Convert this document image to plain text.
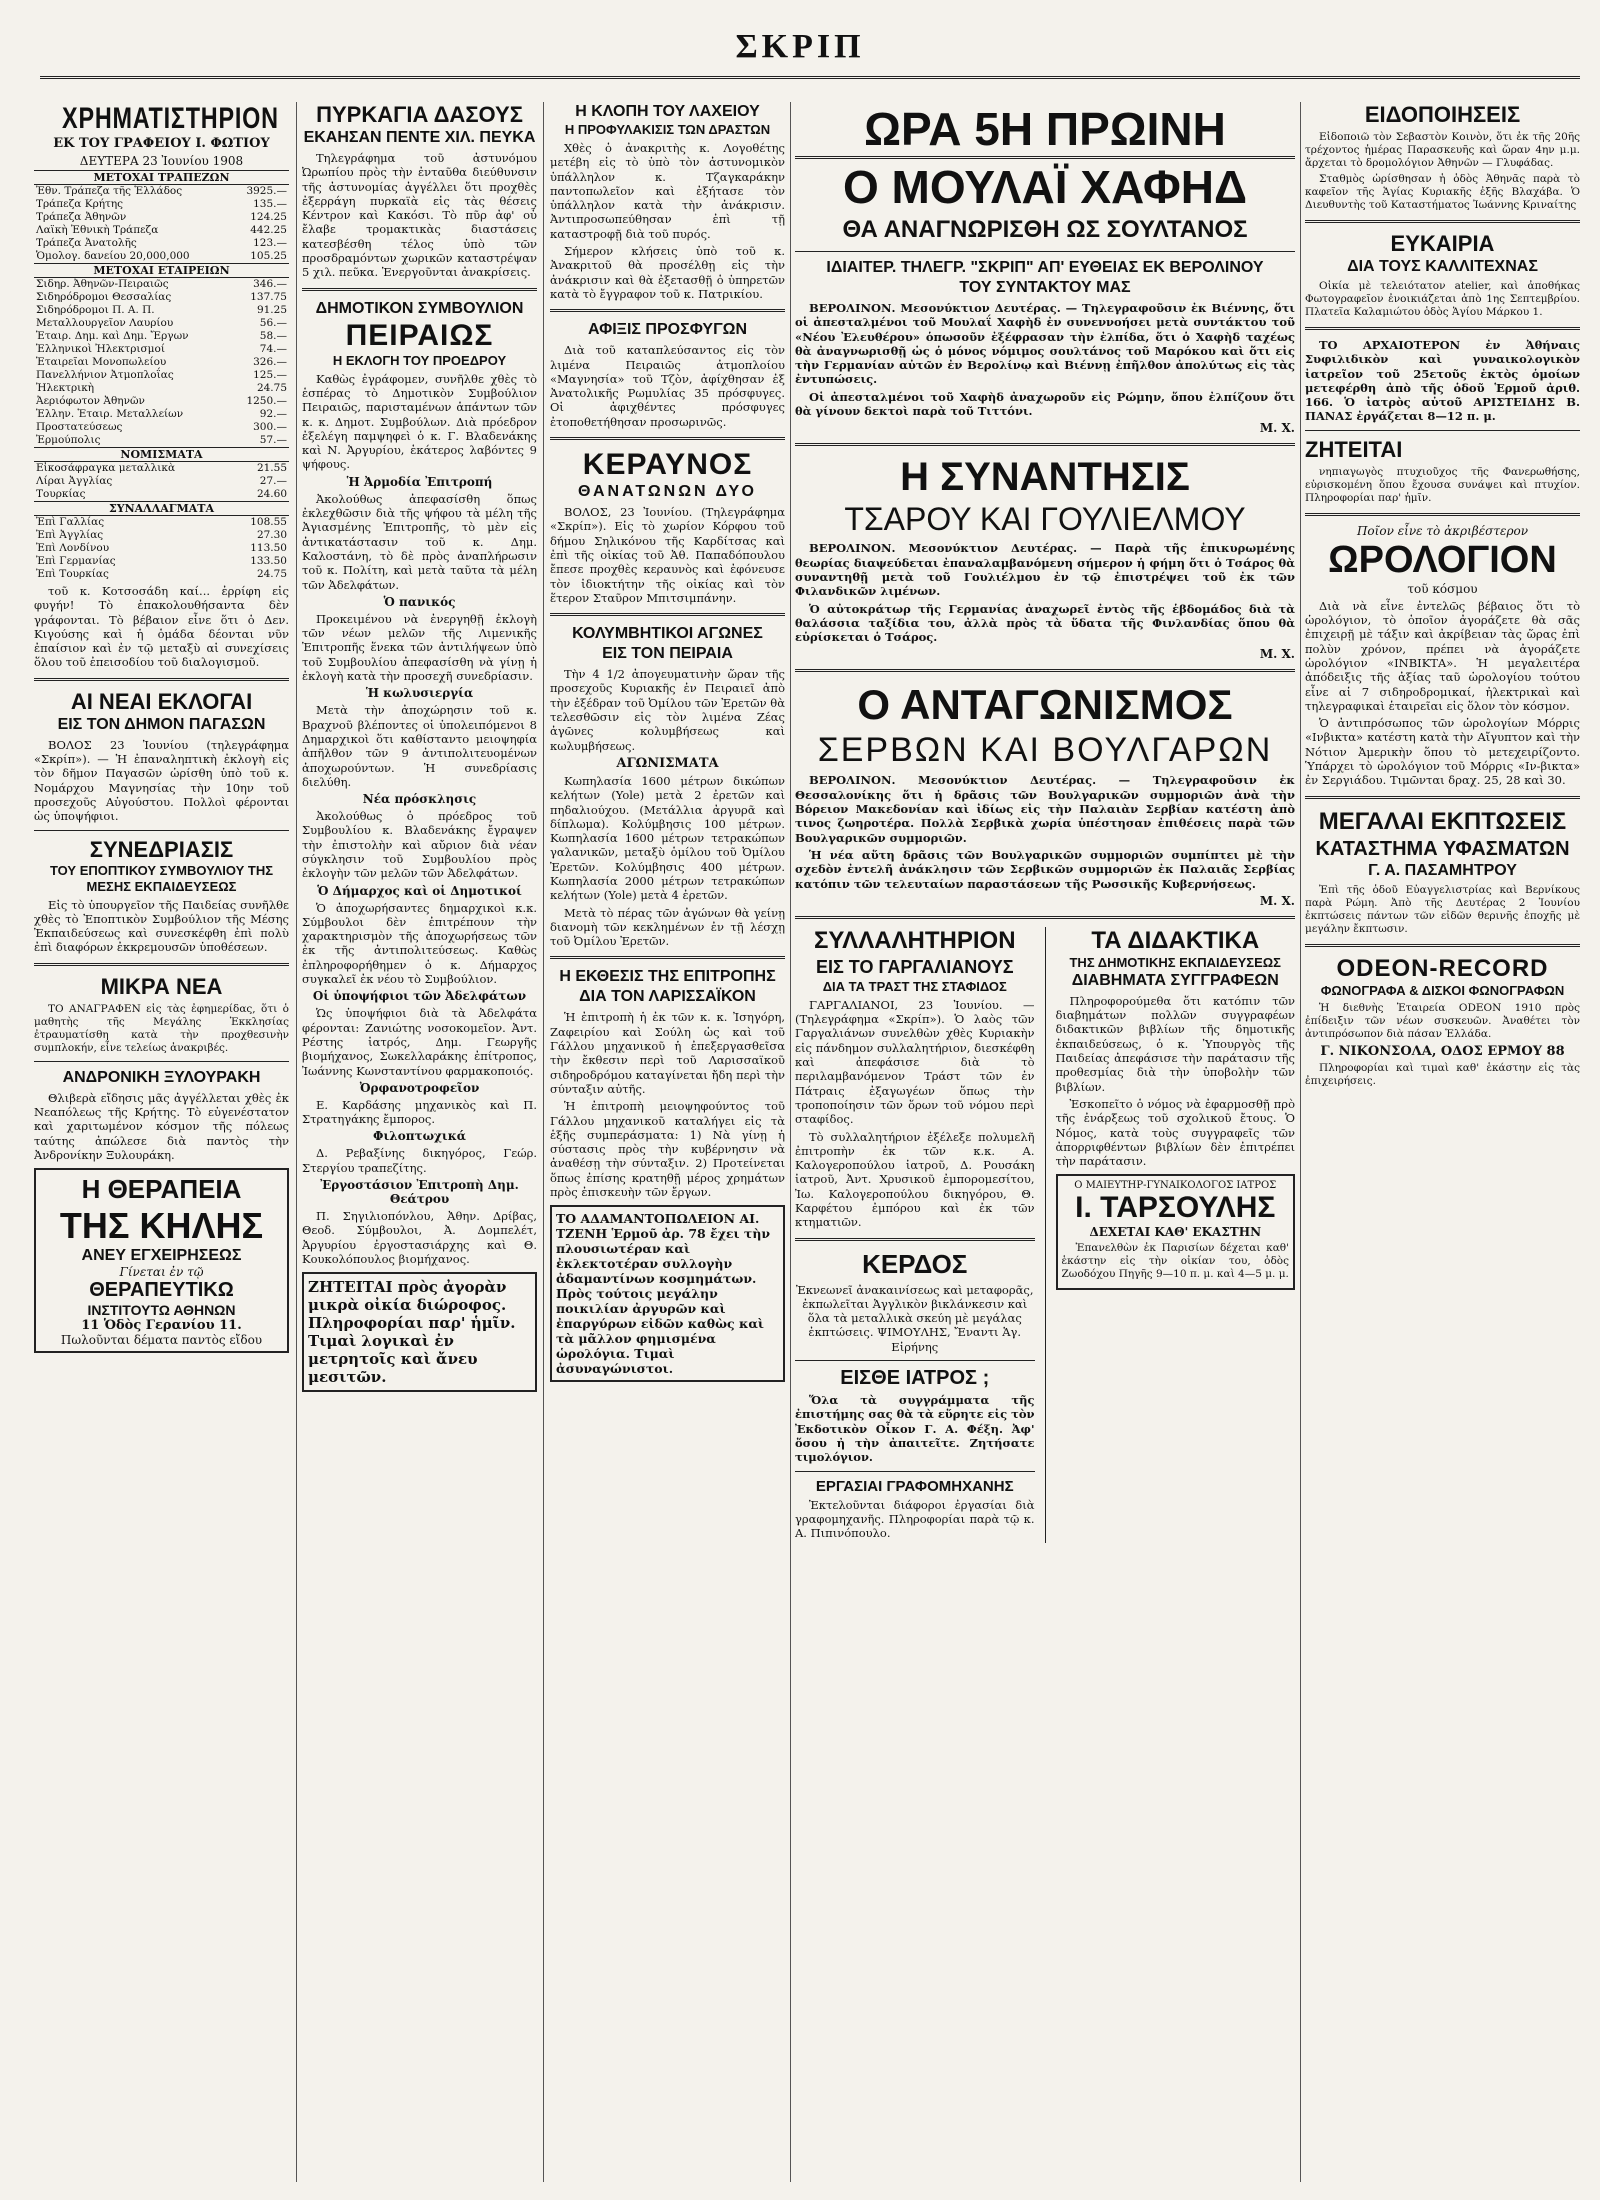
ΣΚΡΙΠ
ΧΡΗΜΑΤΙΣΤΗΡΙΟΝ
ΕΚ ΤΟΥ ΓΡΑΦΕΙΟΥ Ι. ΦΩΤΙΟΥ
ΔΕΥΤΕΡΑ 23 Ἰουνίου 1908
ΜΕΤΟΧΑΙ ΤΡΑΠΕΖΩΝ	
Ἐθν. Τράπεζα τῆς Ἑλλάδος	3925.—
Τράπεζα Κρήτης	135.—
Τράπεζα Ἀθηνῶν	124.25
Λαϊκὴ Ἐθνικὴ Τράπεζα	442.25
Τράπεζα Ἀνατολῆς	123.—
Ὁμολογ. δανείου 20,000,000	105.25
ΜΕΤΟΧΑΙ ΕΤΑΙΡΕΙΩΝ	
Σιδηρ. Ἀθηνῶν-Πειραιῶς	346.—
Σιδηρόδρομοι Θεσσαλίας	137.75
Σιδηρόδρομοι Π. Α. Π.	91.25
Μεταλλουργεῖον Λαυρίου	56.—
Ἑταιρ. Δημ. καὶ Δημ. Ἔργων	58.—
Ἑλληνικοὶ Ἠλεκτρισμοί	74.—
Ἑταιρεῖαι Μονοπωλείου	326.—
Πανελλήνιον Ἀτμοπλοΐας	125.—
Ἠλεκτρικὴ	24.75
Ἀεριόφωτον Ἀθηνῶν	1250.—
Ἑλλην. Ἑταιρ. Μεταλλείων	92.—
Προστατεύσεως	300.—
Ἐρμούπολις	57.—
ΝΟΜΙΣΜΑΤΑ	
Εἰκοσάφραγκα μεταλλικὰ	21.55
Λίραι Ἀγγλίας	27.—
Τουρκίας	24.60
ΣΥΝΑΛΛΑΓΜΑΤΑ	
Ἐπὶ Γαλλίας	108.55
Ἐπὶ Ἀγγλίας	27.30
Ἐπὶ Λονδίνου	113.50
Ἐπὶ Γερμανίας	133.50
Ἐπὶ Τουρκίας	24.75

τοῦ κ. Κοτσοσάδη καί... ἐρρίφη εἰς φυγήν! Τὸ ἐπακολουθήσαντα δὲν γράφονται. Τὸ βέβαιον εἶνε ὅτι ὁ Δεν. Κιγούσης καὶ ἡ ὁμάδα δέονται νῦν ἐπαίσιον καὶ ἐν τῷ μεταξὺ αἱ συνεχίσεις ὅλου τοῦ ἐπεισοδίου τοῦ διαλογισμοῦ.

ΑΙ ΝΕΑΙ ΕΚΛΟΓΑΙ
ΕΙΣ ΤΟΝ ΔΗΜΟΝ ΠΑΓΑΣΩΝ

ΒΟΛΟΣ 23 Ἰουνίου (τηλεγράφημα «Σκρίπ»). — Ἡ ἐπαναληπτικὴ ἐκλογὴ εἰς τὸν δῆμον Παγασῶν ὡρίσθη ὑπὸ τοῦ κ. Νομάρχου Μαγνησίας τὴν 10ην τοῦ προσεχοῦς Αὐγούστου. Πολλοὶ φέρονται ὡς ὑποψήφιοι.

ΣΥΝΕΔΡΙΑΣΙΣ
ΤΟΥ ΕΠΟΠΤΙΚΟΥ ΣΥΜΒΟΥΛΙΟΥ ΤΗΣ ΜΕΣΗΣ ΕΚΠΑΙΔΕΥΣΕΩΣ

Εἰς τὸ ὑπουργεῖον τῆς Παιδείας συνῆλθε χθὲς τὸ Ἐποπτικὸν Συμβούλιον τῆς Μέσης Ἐκπαιδεύσεως καὶ συνεσκέφθη ἐπὶ πολὺ ἐπὶ διαφόρων ἐκκρεμουσῶν ὑποθέσεων.

ΜΙΚΡΑ ΝΕΑ

ΤΟ ΑΝΑΓΡΑΦΕΝ εἰς τὰς ἐφημερίδας, ὅτι ὁ μαθητὴς τῆς Μεγάλης Ἐκκλησίας ἐτραυματίσθη κατὰ τὴν προχθεσινὴν συμπλοκήν, εἶνε τελείως ἀνακριβές.

ΑΝΔΡΟΝΙΚΗ ΞΥΛΟΥΡΑΚΗ

Θλιβερὰ εἴδησις μᾶς ἀγγέλλεται χθὲς ἐκ Νεαπόλεως τῆς Κρήτης. Τὸ εὐγενέστατον καὶ χαριτωμένον κόσμον τῆς πόλεως ταύτης ἀπώλεσε διὰ παντὸς τὴν Ἀνδρονίκην Ξυλουράκη.

Η ΘΕΡΑΠΕΙΑ
ΤΗΣ ΚΗΛΗΣ
ΑΝΕΥ ΕΓΧΕΙΡΗΣΕΩΣ
Γίνεται ἐν τῷ
ΘΕΡΑΠΕΥΤΙΚΩ
ΙΝΣΤΙΤΟΥΤΩ ΑΘΗΝΩΝ
11 Ὁδὸς Γερανίου 11.
Πωλοῦνται δέματα παντὸς εἴδου
ΠΥΡΚΑΓΙΑ ΔΑΣΟΥΣ
ΕΚΑΗΣΑΝ ΠΕΝΤΕ ΧΙΛ. ΠΕΥΚΑ

Τηλεγράφημα τοῦ ἀστυνόμου Ὠρωπίου πρὸς τὴν ἐνταῦθα διεύθυνσιν τῆς ἀστυνομίας ἀγγέλλει ὅτι προχθὲς ἐξερράγη πυρκαϊὰ εἰς τὰς θέσεις Κέντρον καὶ Κακόσι. Τὸ πῦρ ἀφ' οὗ ἔλαβε τρομακτικὰς διαστάσεις κατεσβέσθη τέλος ὑπὸ τῶν προσδραμόντων χωρικῶν καταστρέψαν 5 χιλ. πεῦκα. Ἐνεργοῦνται ἀνακρίσεις.

ΔΗΜΟΤΙΚΟΝ ΣΥΜΒΟΥΛΙΟΝ
ΠΕΙΡΑΙΩΣ
Η ΕΚΛΟΓΗ ΤΟΥ ΠΡΟΕΔΡΟΥ

Καθὼς ἐγράφομεν, συνῆλθε χθὲς τὸ ἑσπέρας τὸ Δημοτικὸν Συμβούλιον Πειραιῶς, παρισταμένων ἁπάντων τῶν κ. κ. Δημοτ. Συμβούλων. Διὰ πρόεδρον ἐξελέγη παμψηφεὶ ὁ κ. Γ. Βλαδενάκης καὶ Ν. Ἀργυρίου, ἑκάτερος λαβόντες 9 ψήφους.

Ἡ Ἀρμοδία Ἐπιτροπή

Ἀκολούθως ἀπεφασίσθη ὅπως ἐκλεχθῶσιν διὰ τῆς ψήφου τὰ μέλη τῆς Ἀγιασμένης Ἐπιτροπῆς, τὸ μὲν εἰς ἀντικατάστασιν τοῦ κ. Δημ. Καλοστάνη, τὸ δὲ πρὸς ἀναπλήρωσιν τοῦ κ. Πολίτη, καὶ μετὰ ταῦτα τὰ μέλη τῶν Ἀδελφάτων.

Ὁ πανικός

Προκειμένου νὰ ἐνεργηθῇ ἐκλογὴ τῶν νέων μελῶν τῆς Λιμενικῆς Ἐπιτροπῆς ἕνεκα τῶν ἀντιλήψεων ὑπὸ τοῦ Συμβουλίου ἀπεφασίσθη νὰ γίνῃ ἡ ἐκλογὴ κατὰ τὴν προσεχῆ συνεδρίασιν.

Ἡ κωλυσιεργία

Μετὰ τὴν ἀποχώρησιν τοῦ κ. Βραχνοῦ βλέποντες οἱ ὑπολειπόμενοι 8 Δημαρχικοὶ ὅτι καθίσταντο μειοψηφία ἀπῆλθον τῶν 9 ἀντιπολιτευομένων ἀποχωρούντων. Ἡ συνεδρίασις διελύθη.

Νέα πρόσκλησις

Ἀκολούθως ὁ πρόεδρος τοῦ Συμβουλίου κ. Βλαδενάκης ἔγραψεν τὴν ἐπιστολὴν καὶ αὔριον διὰ νέαν σύγκλησιν τοῦ Συμβουλίου πρὸς ἐκλογὴν τῶν μελῶν τῶν Ἀδελφάτων.

Ὁ Δήμαρχος καὶ οἱ Δημοτικοί

Ὁ ἀποχωρήσαντες δημαρχικοὶ κ.κ. Σύμβουλοι δὲν ἐπιτρέπουν τὴν χαρακτηρισμὸν τῆς ἀποχωρήσεως τῶν ἐκ τῆς ἀντιπολιτεύσεως. Καθὼς ἐπληροφορήθημεν ὁ κ. Δήμαρχος συγκαλεῖ ἐκ νέου τὸ Συμβούλιον.

Οἱ ὑποψήφιοι τῶν Ἀδελφάτων

Ὡς ὑποψήφιοι διὰ τὰ Ἀδελφάτα φέρονται: Ζανιώτης νοσοκομεῖον. Ἀντ. Ρέστης ἰατρός, Δημ. Γεωργῆς βιομήχανος, Σωκελλαράκης ἐπίτροπος, Ἰωάννης Κωνσταντίνου φαρμακοποιός.

Ὀρφανοτροφεῖον

Ε. Καρδάσης μηχανικὸς καὶ Π. Στρατηγάκης ἔμπορος.

Φιλοπτωχικά

Δ. Ρεβαξίνης δικηγόρος, Γεώρ. Στεργίου τραπεζίτης.

Ἐργοστάσιον Ἐπιτροπὴ Δημ. Θεάτρου

Π. Σηγιλιοπόνλου, Ἀθην. Δρίβας, Θεοδ. Σύμβουλοι, Ἀ. Δομπελέτ, Ἀργυρίου ἐργοστασιάρχης καὶ Θ. Κουκολόπουλος βιομήχανος.

ΖΗΤΕΙΤΑΙ πρὸς ἀγορὰν μικρὰ οἰκία διώροφος. Πληροφορίαι παρ' ἡμῖν. Τιμαὶ λογικαὶ ἐν μετρητοῖς καὶ ἄνευ μεσιτῶν.
Η ΚΛΟΠΗ ΤΟΥ ΛΑΧΕΙΟΥ
Η ΠΡΟΦΥΛΑΚΙΣΙΣ ΤΩΝ ΔΡΑΣΤΩΝ

Χθὲς ὁ ἀνακριτὴς κ. Λογοθέτης μετέβη εἰς τὸ ὑπὸ τὸν ἀστυνομικὸν ὑπάλληλον κ. Τζαγκαράκην παντοπωλεῖον καὶ ἐξήτασε τὸν ὑπάλληλον κατὰ τὴν ἀνάκρισιν. Ἀντιπροσωπεύθησαν ἐπὶ τῇ καταστροφῇ διὰ τοῦ πυρός.

Σήμερον κλήσεις ὑπὸ τοῦ κ. Ἀνακριτοῦ θὰ προσέλθῃ εἰς τὴν ἀνάκρισιν καὶ θὰ ἐξετασθῇ ὁ ὑπηρετῶν κατὰ τὸ ἔγγραφον τοῦ κ. Πατρικίου.

ΑΦΙΞΙΣ ΠΡΟΣΦΥΓΩΝ

Διὰ τοῦ καταπλεύσαντος εἰς τὸν λιμένα Πειραιῶς ἀτμοπλοίου «Μαγνησία» τοῦ Τζὸν, ἀφίχθησαν ἐξ Ἀνατολικῆς Ρωμυλίας 35 πρόσφυγες. Οἱ ἀφιχθέντες πρόσφυγες ἐτοποθετήθησαν προσωρινῶς.

ΚΕΡΑΥΝΟΣ
ΘΑΝΑΤΩΝΩΝ ΔΥΟ

ΒΟΛΟΣ, 23 Ἰουνίου. (Τηλεγράφημα «Σκρίπ»). Εἰς τὸ χωρίον Κόρφου τοῦ δήμου Σηλικόνου τῆς Καρδίτσας καὶ ἐπὶ τῆς οἰκίας τοῦ Ἀθ. Παπαδόπουλου ἔπεσε προχθὲς κεραυνὸς καὶ ἐφόνευσε τὸν ἰδιοκτήτην τῆς οἰκίας καὶ τὸν ἕτερον Σταῦρον Μπιτσιμπάνην.

ΚΟΛΥΜΒΗΤΙΚΟΙ ΑΓΩΝΕΣ
ΕΙΣ ΤΟΝ ΠΕΙΡΑΙΑ

Τὴν 4 1/2 ἀπογευματινὴν ὥραν τῆς προσεχοῦς Κυριακῆς ἐν Πειραιεῖ ἀπὸ τὴν ἐξέδραν τοῦ Ὀμίλου τῶν Ἐρετῶν θὰ τελεσθῶσιν εἰς τὸν λιμένα Ζέας ἀγῶνες κολυμβήσεως καὶ κωλυμβήσεως.

ΑΓΩΝΙΣΜΑΤΑ

Κωπηλασία 1600 μέτρων δικώπων κελήτων (Yole) μετὰ 2 ἐρετῶν καὶ πηδαλιούχου. (Μετάλλια ἀργυρᾶ καὶ δίπλωμα). Κολύμβησις 100 μέτρων. Κωπηλασία 1600 μέτρων τετρακώπων γαλανικῶν, μεταξὺ ὁμίλου τοῦ Ὀμίλου Ἐρετῶν. Κολύμβησις 400 μέτρων. Κωπηλασία 2000 μέτρων τετρακώπων κελήτων (Yole) μετὰ 4 ἐρετῶν.

Μετὰ τὸ πέρας τῶν ἀγώνων θὰ γείνῃ διανομὴ τῶν κεκλημένων ἐν τῇ λέσχῃ τοῦ Ὀμίλου Ἐρετῶν.

Η ΕΚΘΕΣΙΣ ΤΗΣ ΕΠΙΤΡΟΠΗΣ
ΔΙΑ ΤΟΝ ΛΑΡΙΣΣΑΪΚΟΝ

Ἡ ἐπιτροπὴ ἡ ἐκ τῶν κ. κ. Ἰσηγόρη, Ζαφειρίου καὶ Σούλη ὡς καὶ τοῦ Γάλλου μηχανικοῦ ἡ ἐπεξεργασθεῖσα τὴν ἔκθεσιν περὶ τοῦ Λαρισσαϊκοῦ σιδηροδρόμου καταγίνεται ἤδη περὶ τὴν σύνταξιν αὐτῆς.

Ἡ ἐπιτροπὴ μειοψηφούντος τοῦ Γάλλου μηχανικοῦ καταλήγει εἰς τὰ ἑξῆς συμπεράσματα: 1) Νὰ γίνῃ ἡ σύστασις πρὸς τὴν κυβέρνησιν νὰ ἀναθέσῃ τὴν σύνταξιν. 2) Προτείνεται ὅπως ἐπίσης κρατηθῇ μέρος χρημάτων πρὸς ἐπισκευὴν τῶν ἔργων.

ΤΟ ΑΔΑΜΑΝΤΟΠΩΛΕΙΟΝ ΑΙ. ΤΖΕΝΗ Ἑρμοῦ ἀρ. 78 ἔχει τὴν πλουσιωτέραν καὶ ἐκλεκτοτέραν συλλογὴν ἀδαμαντίνων κοσμημάτων. Πρὸς τούτοις μεγάλην ποικιλίαν ἀργυρῶν καὶ ἐπαργύρων εἰδῶν καθὼς καὶ τὰ μᾶλλον φημισμένα ὡρολόγια. Τιμαὶ ἀσυναγώνιστοι.
ΩΡΑ 5Η ΠΡΩΙΝΗ
Ο ΜΟΥΛΑΪ ΧΑΦΗΔ
ΘΑ ΑΝΑΓΝΩΡΙΣΘΗ ΩΣ ΣΟΥΛΤΑΝΟΣ
ΙΔΙΑΙΤΕΡ. ΤΗΛΕΓΡ. "ΣΚΡΙΠ" ΑΠ' ΕΥΘΕΙΑΣ ΕΚ ΒΕΡΟΛΙΝΟΥ
ΤΟΥ ΣΥΝΤΑΚΤΟΥ ΜΑΣ

ΒΕΡΟΛΙΝΟΝ. Μεσονύκτιον Δευτέρας. — Τηλεγραφοῦσιν ἐκ Βιέννης, ὅτι οἱ ἀπεσταλμένοι τοῦ Μουλαΐ Χαφὴδ ἐν συνεννοήσει μετὰ συντάκτου τοῦ «Νέου Ἐλευθέρου» ὁπωσοῦν ἐξέφρασαν τὴν ἐλπίδα, ὅτι ὁ Χαφὴδ ταχέως θὰ ἀναγνωρισθῇ ὡς ὁ μόνος νόμιμος σουλτάνος τοῦ Μαρόκου καὶ ὅτι εἰς τὴν Γερμανίαν αὐτῶν ἐν Βερολίνῳ καὶ Βιέννῃ ἐπῆλθον ἀπολύτως εἰς τὰς ἐντυπώσεις.

Οἱ ἀπεσταλμένοι τοῦ Χαφὴδ ἀναχωροῦν εἰς Ρώμην, ὅπου ἐλπίζουν ὅτι θὰ γίνουν δεκτοὶ παρὰ τοῦ Τιττόνι.

Μ. Χ.
Η ΣΥΝΑΝΤΗΣΙΣ
ΤΣΑΡΟΥ ΚΑΙ ΓΟΥΛΙΕΛΜΟΥ

ΒΕΡΟΛΙΝΟΝ. Μεσονύκτιον Δευτέρας. — Παρὰ τῆς ἐπικυρωμένης θεωρίας διαψεύδεται ἐπαναλαμβανόμενη σήμερον ἡ φήμη ὅτι ὁ Τσάρος θὰ συναντηθῇ μετὰ τοῦ Γουλιέλμου ἐν τῷ ἐπιστρέψει τοῦ ἐκ τῶν Φιλανδικῶν λιμένων.

Ὁ αὐτοκράτωρ τῆς Γερμανίας ἀναχωρεῖ ἐντὸς τῆς ἑβδομάδος διὰ τὰ θαλάσσια ταξίδια του, ἀλλὰ πρὸς τὰ ὕδατα τῆς Φινλανδίας ὅπου θὰ εὑρίσκεται ὁ Τσάρος.

Μ. Χ.
Ο ΑΝΤΑΓΩΝΙΣΜΟΣ
ΣΕΡΒΩΝ ΚΑΙ ΒΟΥΛΓΑΡΩΝ

ΒΕΡΟΛΙΝΟΝ. Μεσονύκτιον Δευτέρας. — Τηλεγραφοῦσιν ἐκ Θεσσαλονίκης ὅτι ἡ δρᾶσις τῶν Βουλγαρικῶν συμμοριῶν ἀνὰ τὴν Βόρειον Μακεδονίαν καὶ ἰδίως εἰς τὴν Παλαιὰν Σερβίαν κατέστη ἀπὸ τινος ζωηροτέρα. Πολλὰ Σερβικὰ χωρία ὑπέστησαν ἐπιθέσεις παρὰ τῶν Βουλγαρικῶν συμμοριῶν.

Ἡ νέα αὕτη δρᾶσις τῶν Βουλγαρικῶν συμμοριῶν συμπίπτει μὲ τὴν σχεδὸν ἐντελῆ ἀνάκλησιν τῶν Σερβικῶν συμμοριῶν ἐκ Παλαιᾶς Σερβίας κατόπιν τῶν τελευταίων παραστάσεων τῆς Ρωσσικῆς Κυβερνήσεως.

Μ. Χ.
ΣΥΛΛΑΛΗΤΗΡΙΟΝ
ΕΙΣ ΤΟ ΓΑΡΓΑΛΙΑΝΟΥΣ
ΔΙΑ ΤΑ ΤΡΑΣΤ ΤΗΣ ΣΤΑΦΙΔΟΣ

ΓΑΡΓΑΛΙΑΝΟΙ, 23 Ἰουνίου. — (Τηλεγράφημα «Σκρίπ»). Ὁ λαὸς τῶν Γαργαλιάνων συνελθὼν χθὲς Κυριακὴν εἰς πάνδημον συλλαλητήριον, διεσκέφθη καὶ ἀπεφάσισε διὰ τὸ περιλαμβανόμενον Τράστ τῶν ἐν Πάτραις ἐξαγωγέων ὅπως τὴν τροποποίησιν τῶν ὅρων τοῦ νόμου περὶ σταφίδος.

Τὸ συλλαλητήριον ἐξέλεξε πολυμελῆ ἐπιτροπὴν ἐκ τῶν κ.κ. Α. Καλογεροπούλου ἰατροῦ, Δ. Ρουσάκη ἰατροῦ, Ἀντ. Χρυσικοῦ ἐμπορομεσίτου, Ἰω. Καλογεροπούλου δικηγόρου, Θ. Καρφέτου ἐμπόρου καὶ ἐκ τῶν κτηματιῶν.

ΚΕΡΔΟΣ

Ἐκνεωνεῖ ἀνακαινίσεως καὶ μεταφορᾶς, ἐκπωλεῖται Ἀγγλικὸν βικλάνκεσιν καὶ ὅλα τὰ μεταλλικὰ σκεύη μὲ μεγάλας ἐκπτώσεις. ΨΙΜΟΥΛΗΣ, Ἔναντι Ἁγ. Εἰρήνης

ΕΙΣΘΕ ΙΑΤΡΟΣ ;

Ὅλα τὰ συγγράμματα τῆς ἐπιστήμης σας θὰ τὰ εὕρητε εἰς τὸν Ἐκδοτικὸν Οἶκον Γ. Α. Φέξη. Ἀφ' ὅσου ἠ τὴν ἀπαιτεῖτε. Ζητήσατε τιμολόγιον.

ΕΡΓΑΣΙΑΙ ΓΡΑΦΟΜΗΧΑΝΗΣ

Ἐκτελοῦνται διάφοροι ἐργασίαι διὰ γραφομηχανῆς. Πληροφορίαι παρὰ τῷ κ. Α. Πιπινόπουλο.

ΤΑ ΔΙΔΑΚΤΙΚΑ
ΤΗΣ ΔΗΜΟΤΙΚΗΣ ΕΚΠΑΙΔΕΥΣΕΩΣ
ΔΙΑΒΗΜΑΤΑ ΣΥΓΓΡΑΦΕΩΝ

Πληροφορούμεθα ὅτι κατόπιν τῶν διαβημάτων πολλῶν συγγραφέων διδακτικῶν βιβλίων τῆς δημοτικῆς ἐκπαιδεύσεως, ὁ κ. Ὑπουργὸς τῆς Παιδείας ἀπεφάσισε τὴν παράτασιν τῆς προθεσμίας διὰ τὴν ὑποβολὴν τῶν βιβλίων.

Ἐσκοπεῖτο ὁ νόμος νὰ ἐφαρμοσθῇ πρὸ τῆς ἐνάρξεως τοῦ σχολικοῦ ἔτους. Ὁ Νόμος, κατὰ τοὺς συγγραφεῖς τῶν ἀπορριφθέντων βιβλίων δὲν ἐπιτρέπει τὴν παράτασιν.

Ο ΜΑΙΕΥΤΗΡ-ΓΥΝΑΙΚΟΛΟΓΟΣ ΙΑΤΡΟΣ
Ι. ΤΑΡΣΟΥΛΗΣ
ΔΕΧΕΤΑΙ ΚΑΘ' ΕΚΑΣΤΗΝ

Ἐπανελθὼν ἐκ Παρισίων δέχεται καθ' ἑκάστην εἰς τὴν οἰκίαν του, ὁδὸς Ζωοδόχου Πηγῆς 9—10 π. μ. καὶ 4—5 μ. μ.

ΕΙΔΟΠΟΙΗΣΕΙΣ

Εἰδοποιῶ τὸν Σεβαστὸν Κοινὸν, ὅτι ἐκ τῆς 20ῆς τρέχοντος ἡμέρας Παρασκευῆς καὶ ὥραν 4ην μ.μ. ἄρχεται τὸ δρομολόγιον Ἀθηνῶν — Γλυφάδας.

Σταθμὸς ὡρίσθησαν ἡ ὁδὸς Ἀθηνᾶς παρὰ τὸ καφεῖον τῆς Ἁγίας Κυριακῆς ἐξῆς Βλαχάβα. Ὁ Διευθυντὴς τοῦ Καταστήματος Ἰωάννης Κριναίτης

ΕΥΚΑΙΡΙΑ
ΔΙΑ ΤΟΥΣ ΚΑΛΛΙΤΕΧΝΑΣ

Οἰκία μὲ τελειότατον atelier, καὶ ἀποθήκας Φωτογραφεῖον ἐνοικιάζεται ἀπὸ 1ης Σεπτεμβρίου. Πλατεῖα Καλαμιώτου ὁδὸς Ἁγίου Μάρκου 1.

ΤΟ ΑΡΧΑΙΟΤΕΡΟΝ ἐν Ἀθήναις Συφιλιδικὸν καὶ γυναικολογικὸν ἰατρεῖον τοῦ 25ετοῦς ἐκτὸς ὁμοίων μετεφέρθη ἀπὸ τῆς ὁδοῦ Ἑρμοῦ ἀριθ. 166. Ὁ ἰατρὸς αὐτοῦ ΑΡΙΣΤΕΙΔΗΣ Β. ΠΑΝΑΣ ἐργάζεται 8—12 π. μ.

ΖΗΤΕΙΤΑΙ

νηπιαγωγὸς πτυχιοῦχος τῆς Φανερωθήσης, εὑρισκομένη ὅπου ἔχουσα συνάψει καὶ πτυχίον. Πληροφορίαι παρ' ἡμῖν.

Ποῖον εἶνε τὸ ἀκριβέστερον
ΩΡΟΛΟΓΙΟΝ
τοῦ κόσμου

Διὰ νὰ εἶνε ἐντελῶς βέβαιος ὅτι τὸ ὡρολόγιον, τὸ ὁποῖον ἀγοράζετε θὰ σᾶς ἐπιχειρῇ μὲ τάξιν καὶ ἀκρίβειαν τὰς ὥρας ἐπὶ πολὺν χρόνον, πρέπει νὰ ἀγοράζετε ὡρολόγιον «ΙΝΒΙΚΤΑ». Ἡ μεγαλειτέρα ἀπόδειξις τῆς ἀξίας ταῦ ὡρολογίου τούτου εἶνε αἱ 7 σιδηροδρομικαί, ἠλεκτρικαὶ καὶ τηλεγραφικαὶ ἑταιρεῖαι εἰς ὅλον τὸν κόσμον.

Ὁ ἀντιπρόσωπος τῶν ὡρολογίων Μόρρις «Ινβικτα» κατέστη κατὰ τὴν Αἴγυπτον καὶ τὴν Νότιον Ἀμερικὴν ὅπου τὸ μετεχειρίζοντο. Ὑπάρχει τὸ ὡρολόγιον τοῦ Μόρρις «Ιν-βικτα» ἐν Σεργιάδου. Τιμῶνται δραχ. 25, 28 καὶ 30.

ΜΕΓΑΛΑΙ ΕΚΠΤΩΣΕΙΣ
ΚΑΤΑΣΤΗΜΑ ΥΦΑΣΜΑΤΩΝ
Γ. Α. ΠΑΣΑΜΗΤΡΟΥ

Ἐπὶ τῆς ὁδοῦ Εὐαγγελιστρίας καὶ Βερνίκους παρὰ Ρώμη. Ἀπὸ τῆς Δευτέρας 2 Ἰουνίου ἐκπτώσεις πάντων τῶν εἰδῶν θερινῆς ἐποχῆς μὲ μεγάλην ἔκπτωσιν.

ODEON-RECORD
ΦΩΝΟΓΡΑΦΑ & ΔΙΣΚΟΙ ΦΩΝΟΓΡΑΦΩΝ

Ἡ διεθνὴς Ἑταιρεία ODEON 1910 πρὸς ἐπίδειξιν τῶν νέων συσκευῶν. Ἀναθέτει τὸν ἀντιπρόσωπον διὰ πάσαν Ἑλλάδα.

Γ. ΝΙΚΟΝΣΟΛΑ, ΟΔΟΣ ΕΡΜΟΥ 88

Πληροφορίαι καὶ τιμαὶ καθ' ἑκάστην εἰς τὰς ἐπιχειρήσεις.
